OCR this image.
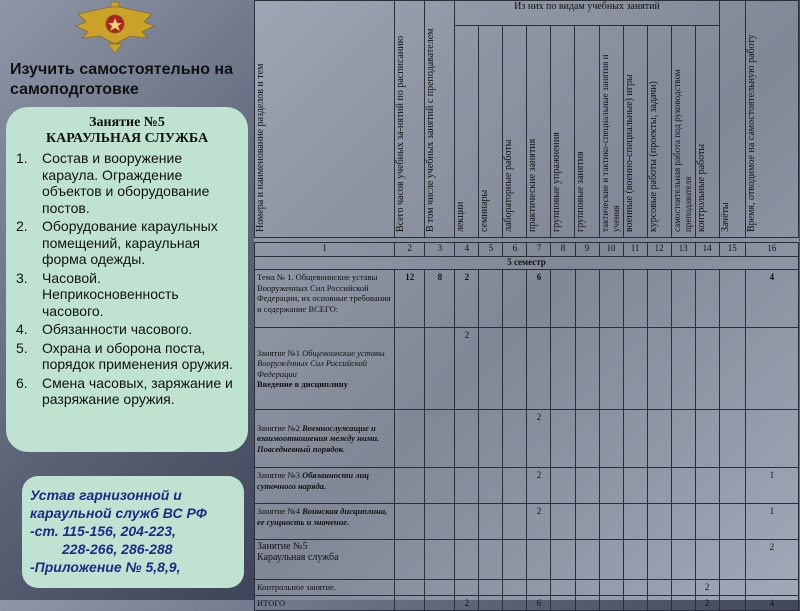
Изучить самостоятельно на самоподготовке
Занятие №5
КАРАУЛЬНАЯ СЛУЖБА
1.	Состав и вооружение караула. Ограждение объектов и оборудование постов.
2.	Оборудование караульных помещений, караульная форма одежды.
3.	Часовой. Неприкосновенность часового.
4.	Обязанности часового.
5.	Охрана и оборона поста, порядок применения оружия.
6.	Смена часовых, заряжание и разряжание оружия.
Устав гарнизонной и
караульной служб ВС РФ
-ст. 115-156, 204-223,
228-266, 286-288
-Приложение № 5,8,9,
Номера и наименование разделов и тем	Всего часов учебных за-нятий по расписанию	В том числе учебных занятий с преподавателем	Из них по видам учебных занятий											Зачёты	Время, отводимое на самостоятельную работу

			лекции	семинары	лабораторные работы	практические занятия	групповые упражнения	групповые занятия	тактические и тактико-специальные занятия и учения	военные (военно-специальные) игры	курсовые работы (проекты, задачи)	самостоятельная работа под руководством преподавателя	контрольные работы		
1	2	3	4	5	6	7	8	9	10	11	12	13	14	15	16
5 семестр															
Тема № 1. Общевоинские уставы Вооруженных Сил Российской Федерации, их основные требования и содержание ВСЕГО:	12	8	2			6									4
Занятие №1 Общевоинские уставы Вооружённых Сил Российской Федерации
Введение в дисциплину			2												
Занятие №2 Военнослужащие и взаимоотношения между ними. Повседневный порядок.						2									
Занятие №3 Обязанности лиц суточного наряда.						2									1
Занятие №4 Воинская дисциплина, ее сущность и значение.						2									1
Занятие №5
Караульная служба															2
Контрольное занятие.													2		
ИТОГО			2			6							2		4
